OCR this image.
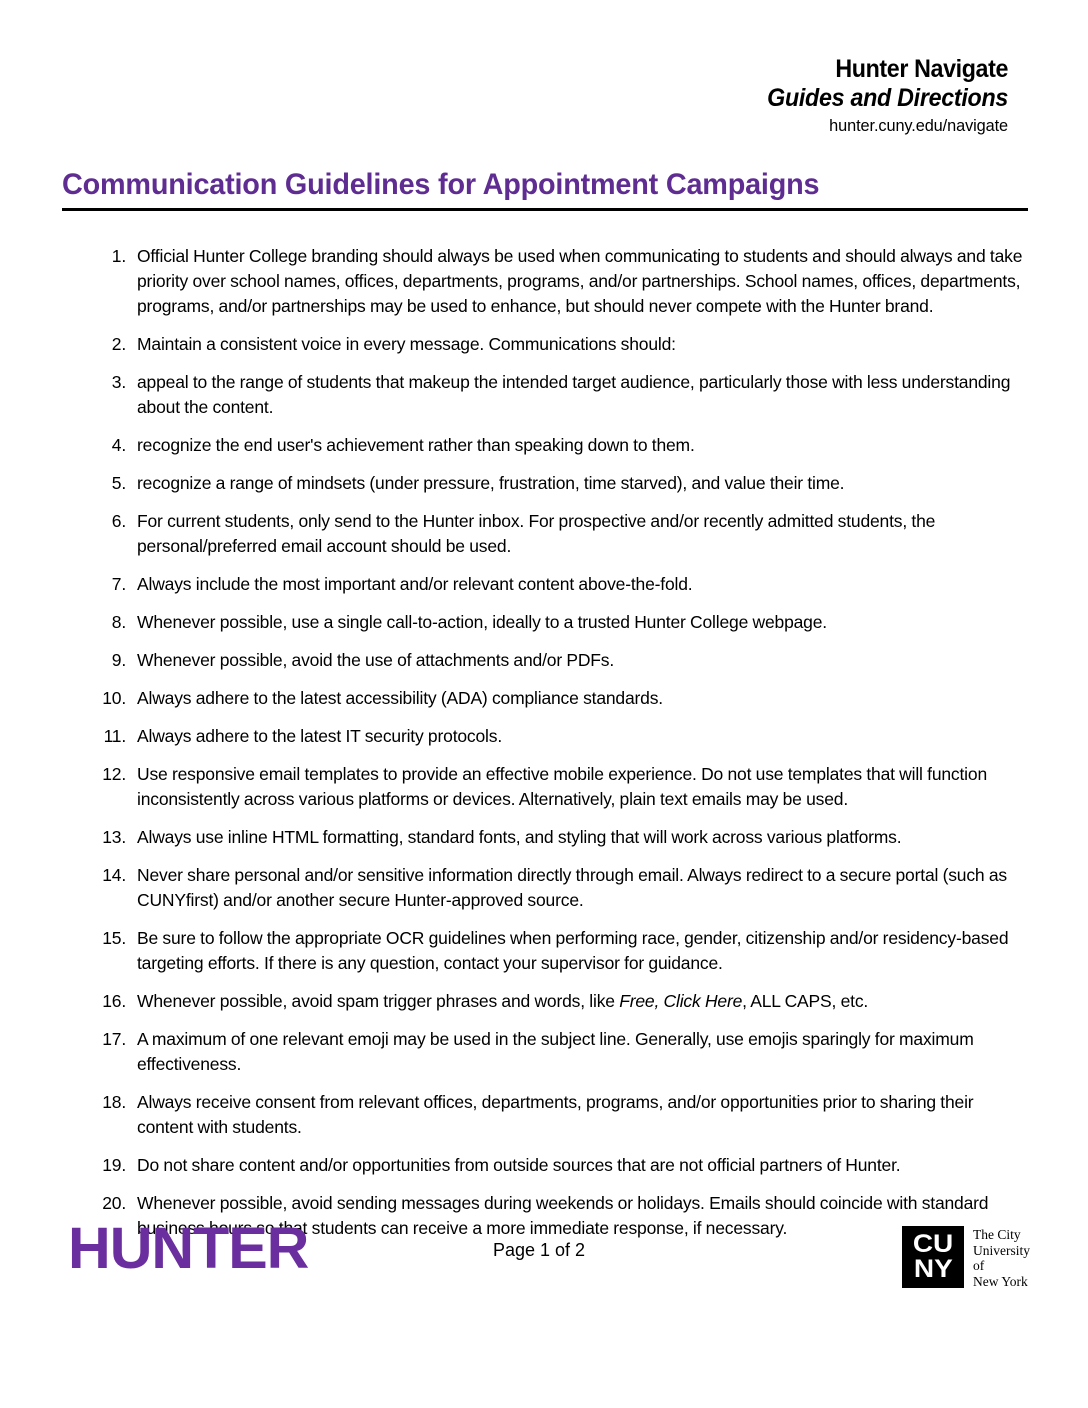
Hunter Navigate
Guides and Directions
hunter.cuny.edu/navigate
Communication Guidelines for Appointment Campaigns
1. Official Hunter College branding should always be used when communicating to students and should always and take priority over school names, offices, departments, programs, and/or partnerships. School names, offices, departments, programs, and/or partnerships may be used to enhance, but should never compete with the Hunter brand.
2. Maintain a consistent voice in every message. Communications should:
3. appeal to the range of students that makeup the intended target audience, particularly those with less understanding about the content.
4. recognize the end user's achievement rather than speaking down to them.
5. recognize a range of mindsets (under pressure, frustration, time starved), and value their time.
6. For current students, only send to the Hunter inbox. For prospective and/or recently admitted students, the personal/preferred email account should be used.
7. Always include the most important and/or relevant content above-the-fold.
8. Whenever possible, use a single call-to-action, ideally to a trusted Hunter College webpage.
9. Whenever possible, avoid the use of attachments and/or PDFs.
10. Always adhere to the latest accessibility (ADA) compliance standards.
11. Always adhere to the latest IT security protocols.
12. Use responsive email templates to provide an effective mobile experience. Do not use templates that will function inconsistently across various platforms or devices. Alternatively, plain text emails may be used.
13. Always use inline HTML formatting, standard fonts, and styling that will work across various platforms.
14. Never share personal and/or sensitive information directly through email. Always redirect to a secure portal (such as CUNYfirst) and/or another secure Hunter-approved source.
15. Be sure to follow the appropriate OCR guidelines when performing race, gender, citizenship and/or residency-based targeting efforts. If there is any question, contact your supervisor for guidance.
16. Whenever possible, avoid spam trigger phrases and words, like Free, Click Here, ALL CAPS, etc.
17. A maximum of one relevant emoji may be used in the subject line. Generally, use emojis sparingly for maximum effectiveness.
18. Always receive consent from relevant offices, departments, programs, and/or opportunities prior to sharing their content with students.
19. Do not share content and/or opportunities from outside sources that are not official partners of Hunter.
20. Whenever possible, avoid sending messages during weekends or holidays. Emails should coincide with standard business hours so that students can receive a more immediate response, if necessary.
HUNTER	Page 1 of 2	CU
NY
The City
University
of
New York
